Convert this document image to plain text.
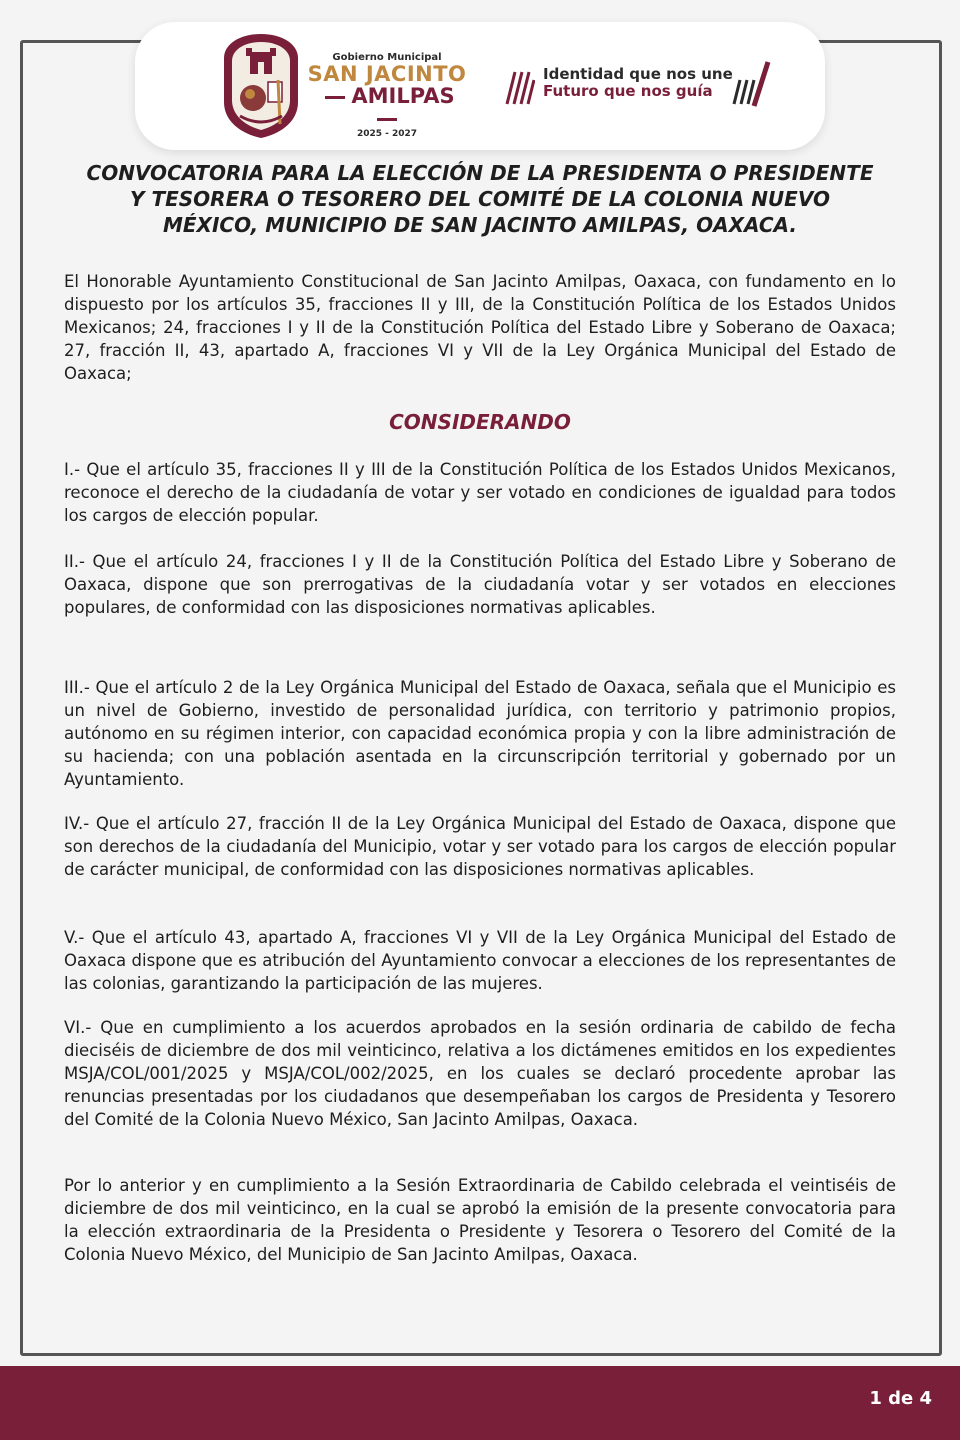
Gobierno Municipal
SAN JACINTO
AMILPAS
2025 - 2027
Identidad que nos une
Futuro que nos guía
CONVOCATORIA PARA LA ELECCIÓN DE LA PRESIDENTA O PRESIDENTE Y TESORERA O TESORERO DEL COMITÉ DE LA COLONIA NUEVO MÉXICO, MUNICIPIO DE SAN JACINTO AMILPAS, OAXACA.

El Honorable Ayuntamiento Constitucional de San Jacinto Amilpas, Oaxaca, con fundamento en lo dispuesto por los artículos 35, fracciones II y III, de la Constitución Política de los Estados Unidos Mexicanos; 24, fracciones I y II de la Constitución Política del Estado Libre y Soberano de Oaxaca; 27, fracción II, 43, apartado A, fracciones VI y VII de la Ley Orgánica Municipal del Estado de Oaxaca;

CONSIDERANDO

I.- Que el artículo 35, fracciones II y III de la Constitución Política de los Estados Unidos Mexicanos, reconoce el derecho de la ciudadanía de votar y ser votado en condiciones de igualdad para todos los cargos de elección popular.

II.- Que el artículo 24, fracciones I y II de la Constitución Política del Estado Libre y Soberano de Oaxaca, dispone que son prerrogativas de la ciudadanía votar y ser votados en elecciones populares, de conformidad con las disposiciones normativas aplicables.

III.- Que el artículo 2 de la Ley Orgánica Municipal del Estado de Oaxaca, señala que el Municipio es un nivel de Gobierno, investido de personalidad jurídica, con territorio y patrimonio propios, autónomo en su régimen interior, con capacidad económica propia y con la libre administración de su hacienda; con una población asentada en la circunscripción territorial y gobernado por un Ayuntamiento.

IV.- Que el artículo 27, fracción II de la Ley Orgánica Municipal del Estado de Oaxaca, dispone que son derechos de la ciudadanía del Municipio, votar y ser votado para los cargos de elección popular de carácter municipal, de conformidad con las disposiciones normativas aplicables.

V.- Que el artículo 43, apartado A, fracciones VI y VII de la Ley Orgánica Municipal del Estado de Oaxaca dispone que es atribución del Ayuntamiento convocar a elecciones de los representantes de las colonias, garantizando la participación de las mujeres.

VI.- Que en cumplimiento a los acuerdos aprobados en la sesión ordinaria de cabildo de fecha dieciséis de diciembre de dos mil veinticinco, relativa a los dictámenes emitidos en los expedientes MSJA/COL/001/2025 y MSJA/COL/002/2025, en los cuales se declaró procedente aprobar las renuncias presentadas por los ciudadanos que desempeñaban los cargos de Presidenta y Tesorero del Comité de la Colonia Nuevo México, San Jacinto Amilpas, Oaxaca.

Por lo anterior y en cumplimiento a la Sesión Extraordinaria de Cabildo celebrada el veintiséis de diciembre de dos mil veinticinco, en la cual se aprobó la emisión de la presente convocatoria para la elección extraordinaria de la Presidenta o Presidente y Tesorera o Tesorero del Comité de la Colonia Nuevo México, del Municipio de San Jacinto Amilpas, Oaxaca.

1 de 4
